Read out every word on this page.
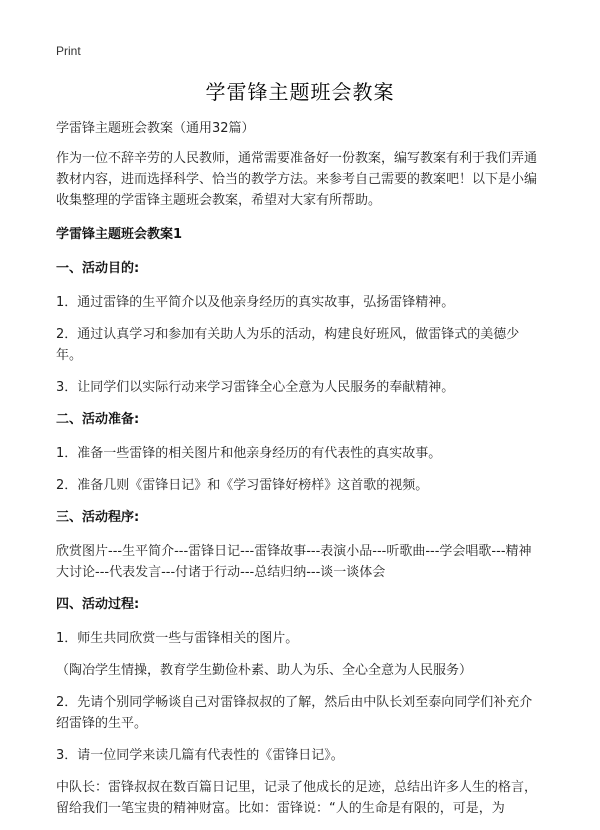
Print
学雷锋主题班会教案
学雷锋主题班会教案（通用32篇）
作为一位不辞辛劳的人民教师，通常需要准备好一份教案，编写教案有利于我们弄通教材内容，进而选择科学、恰当的教学方法。来参考自己需要的教案吧！以下是小编收集整理的学雷锋主题班会教案，希望对大家有所帮助。
学雷锋主题班会教案1
一、活动目的:
1．通过雷锋的生平简介以及他亲身经历的真实故事，弘扬雷锋精神。
2．通过认真学习和参加有关助人为乐的活动，构建良好班风，做雷锋式的美德少年。
3．让同学们以实际行动来学习雷锋全心全意为人民服务的奉献精神。
二、活动准备:
1．准备一些雷锋的相关图片和他亲身经历的有代表性的真实故事。
2．准备几则《雷锋日记》和《学习雷锋好榜样》这首歌的视频。
三、活动程序:
欣赏图片---生平简介---雷锋日记---雷锋故事---表演小品---听歌曲---学会唱歌---精神大讨论---代表发言---付诸于行动---总结归纳---谈一谈体会
四、活动过程:
1．师生共同欣赏一些与雷锋相关的图片。
（陶冶学生情操，教育学生勤俭朴素、助人为乐、全心全意为人民服务）
2．先请个别同学畅谈自己对雷锋叔叔的了解，然后由中队长刘至泰向同学们补充介绍雷锋的生平。
3．请一位同学来读几篇有代表性的《雷锋日记》。
中队长：雷锋叔叔在数百篇日记里，记录了他成长的足迹，总结出许多人生的格言，留给我们一笔宝贵的精神财富。比如：雷锋说：“人的生命是有限的，可是，为
